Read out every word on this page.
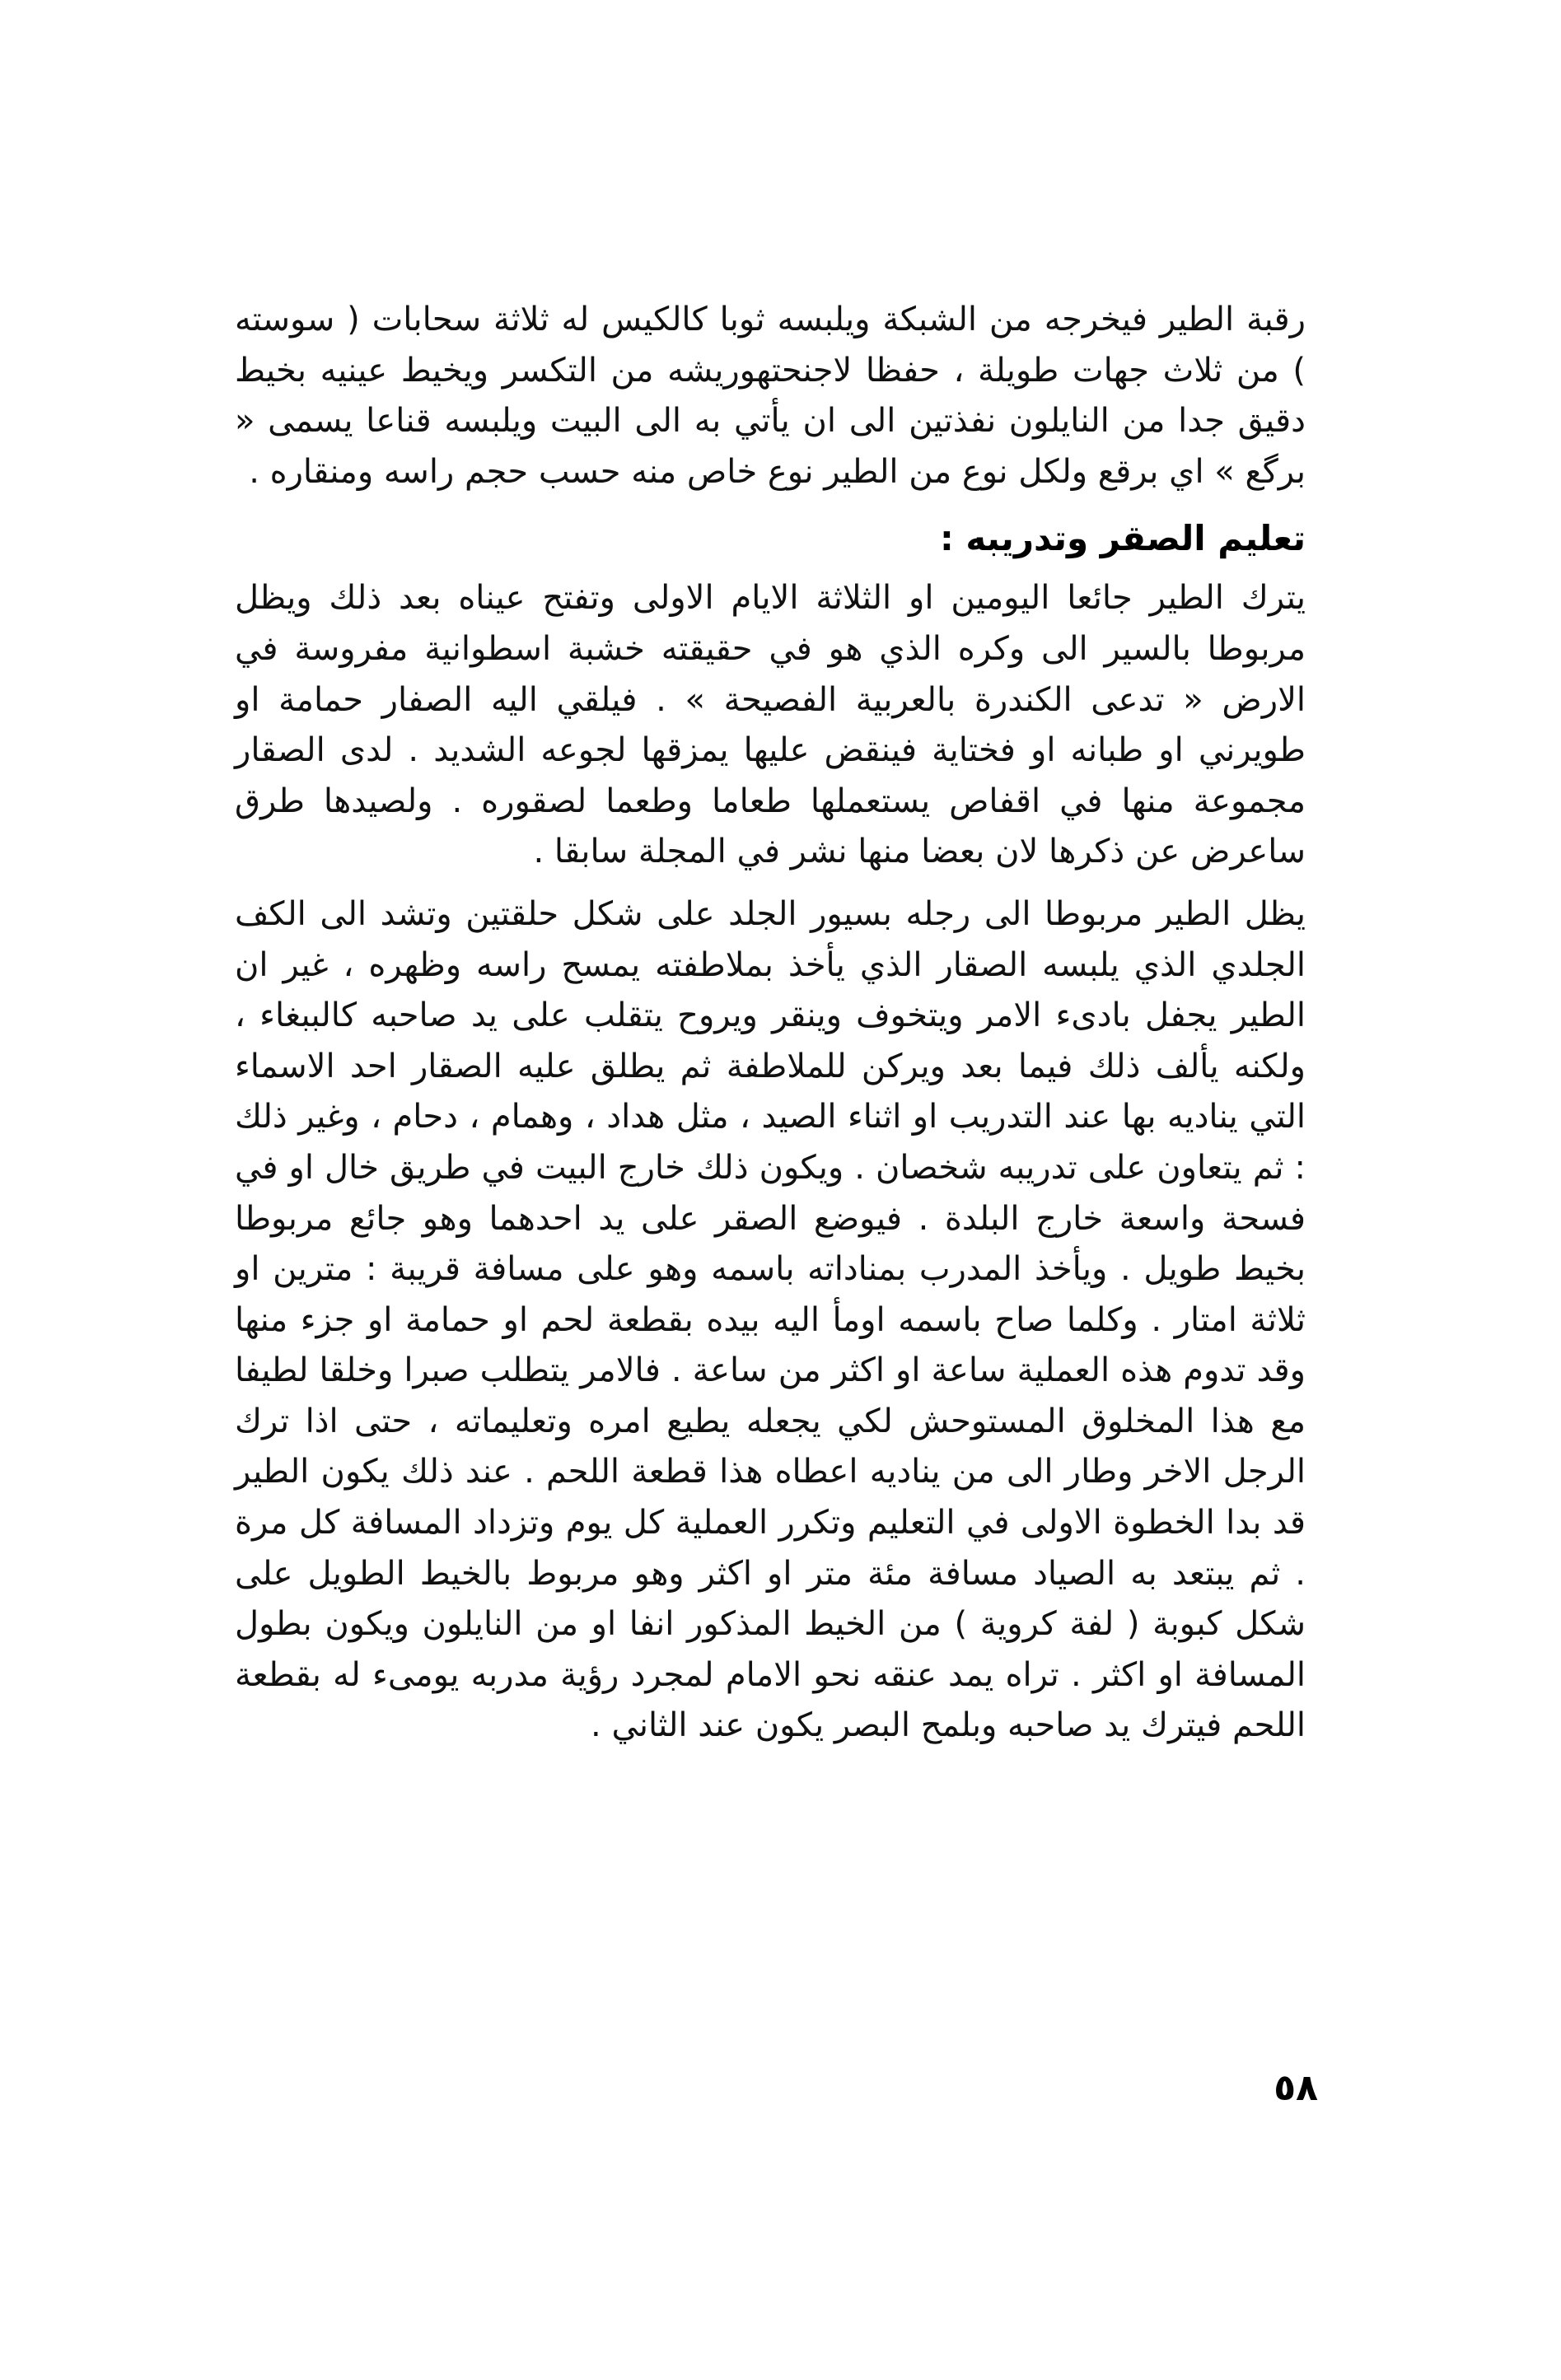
رقبة الطير فيخرجه من الشبكة ويلبسه ثوبا كالكيس له ثلاثة سحابات ( سوسته ) من ثلاث جهات طويلة ، حفظا لاجنحتهوريشه من التكسر ويخيط عينيه بخيط دقيق جدا من النايلون نفذتين الى ان يأتي به الى البيت ويلبسه قناعا يسمى « برگع » اي برقع ولكل نوع من الطير نوع خاص منه حسب حجم راسه ومنقاره .

تعليم الصقر وتدريبه :

يترك الطير جائعا اليومين او الثلاثة الايام الاولى وتفتح عيناه بعد ذلك ويظل مربوطا بالسير الى وكره الذي هو في حقيقته خشبة اسطوانية مفروسة في الارض « تدعى الكندرة بالعربية الفصيحة » . فيلقي اليه الصفار حمامة او طويرني او طبانه او فختاية فينقض عليها يمزقها لجوعه الشديد . لدى الصقار مجموعة منها في اقفاص يستعملها طعاما وطعما لصقوره . ولصيدها طرق ساعرض عن ذكرها لان بعضا منها نشر في المجلة سابقا .

يظل الطير مربوطا الى رجله بسيور الجلد على شكل حلقتين وتشد الى الكف الجلدي الذي يلبسه الصقار الذي يأخذ بملاطفته يمسح راسه وظهره ، غير ان الطير يجفل بادىء الامر ويتخوف وينقر ويروح يتقلب على يد صاحبه كالببغاء ، ولكنه يألف ذلك فيما بعد ويركن للملاطفة ثم يطلق عليه الصقار احد الاسماء التي يناديه بها عند التدريب او اثناء الصيد ، مثل هداد ، وهمام ، دحام ، وغير ذلك : ثم يتعاون على تدريبه شخصان . ويكون ذلك خارج البيت في طريق خال او في فسحة واسعة خارج البلدة . فيوضع الصقر على يد احدهما وهو جائع مربوطا بخيط طويل . ويأخذ المدرب بمناداته باسمه وهو على مسافة قريبة : مترين او ثلاثة امتار . وكلما صاح باسمه اومأ اليه بيده بقطعة لحم او حمامة او جزء منها وقد تدوم هذه العملية ساعة او اكثر من ساعة . فالامر يتطلب صبرا وخلقا لطيفا مع هذا المخلوق المستوحش لكي يجعله يطيع امره وتعليماته ، حتى اذا ترك الرجل الاخر وطار الى من يناديه اعطاه هذا قطعة اللحم . عند ذلك يكون الطير قد بدا الخطوة الاولى في التعليم وتكرر العملية كل يوم وتزداد المسافة كل مرة . ثم يبتعد به الصياد مسافة مئة متر او اكثر وهو مربوط بالخيط الطويل على شكل كبوبة ( لفة كروية ) من الخيط المذكور انفا او من النايلون ويكون بطول المسافة او اكثر . تراه يمد عنقه نحو الامام لمجرد رؤية مدربه يومىء له بقطعة اللحم فيترك يد صاحبه وبلمح البصر يكون عند الثاني .

٥٨
